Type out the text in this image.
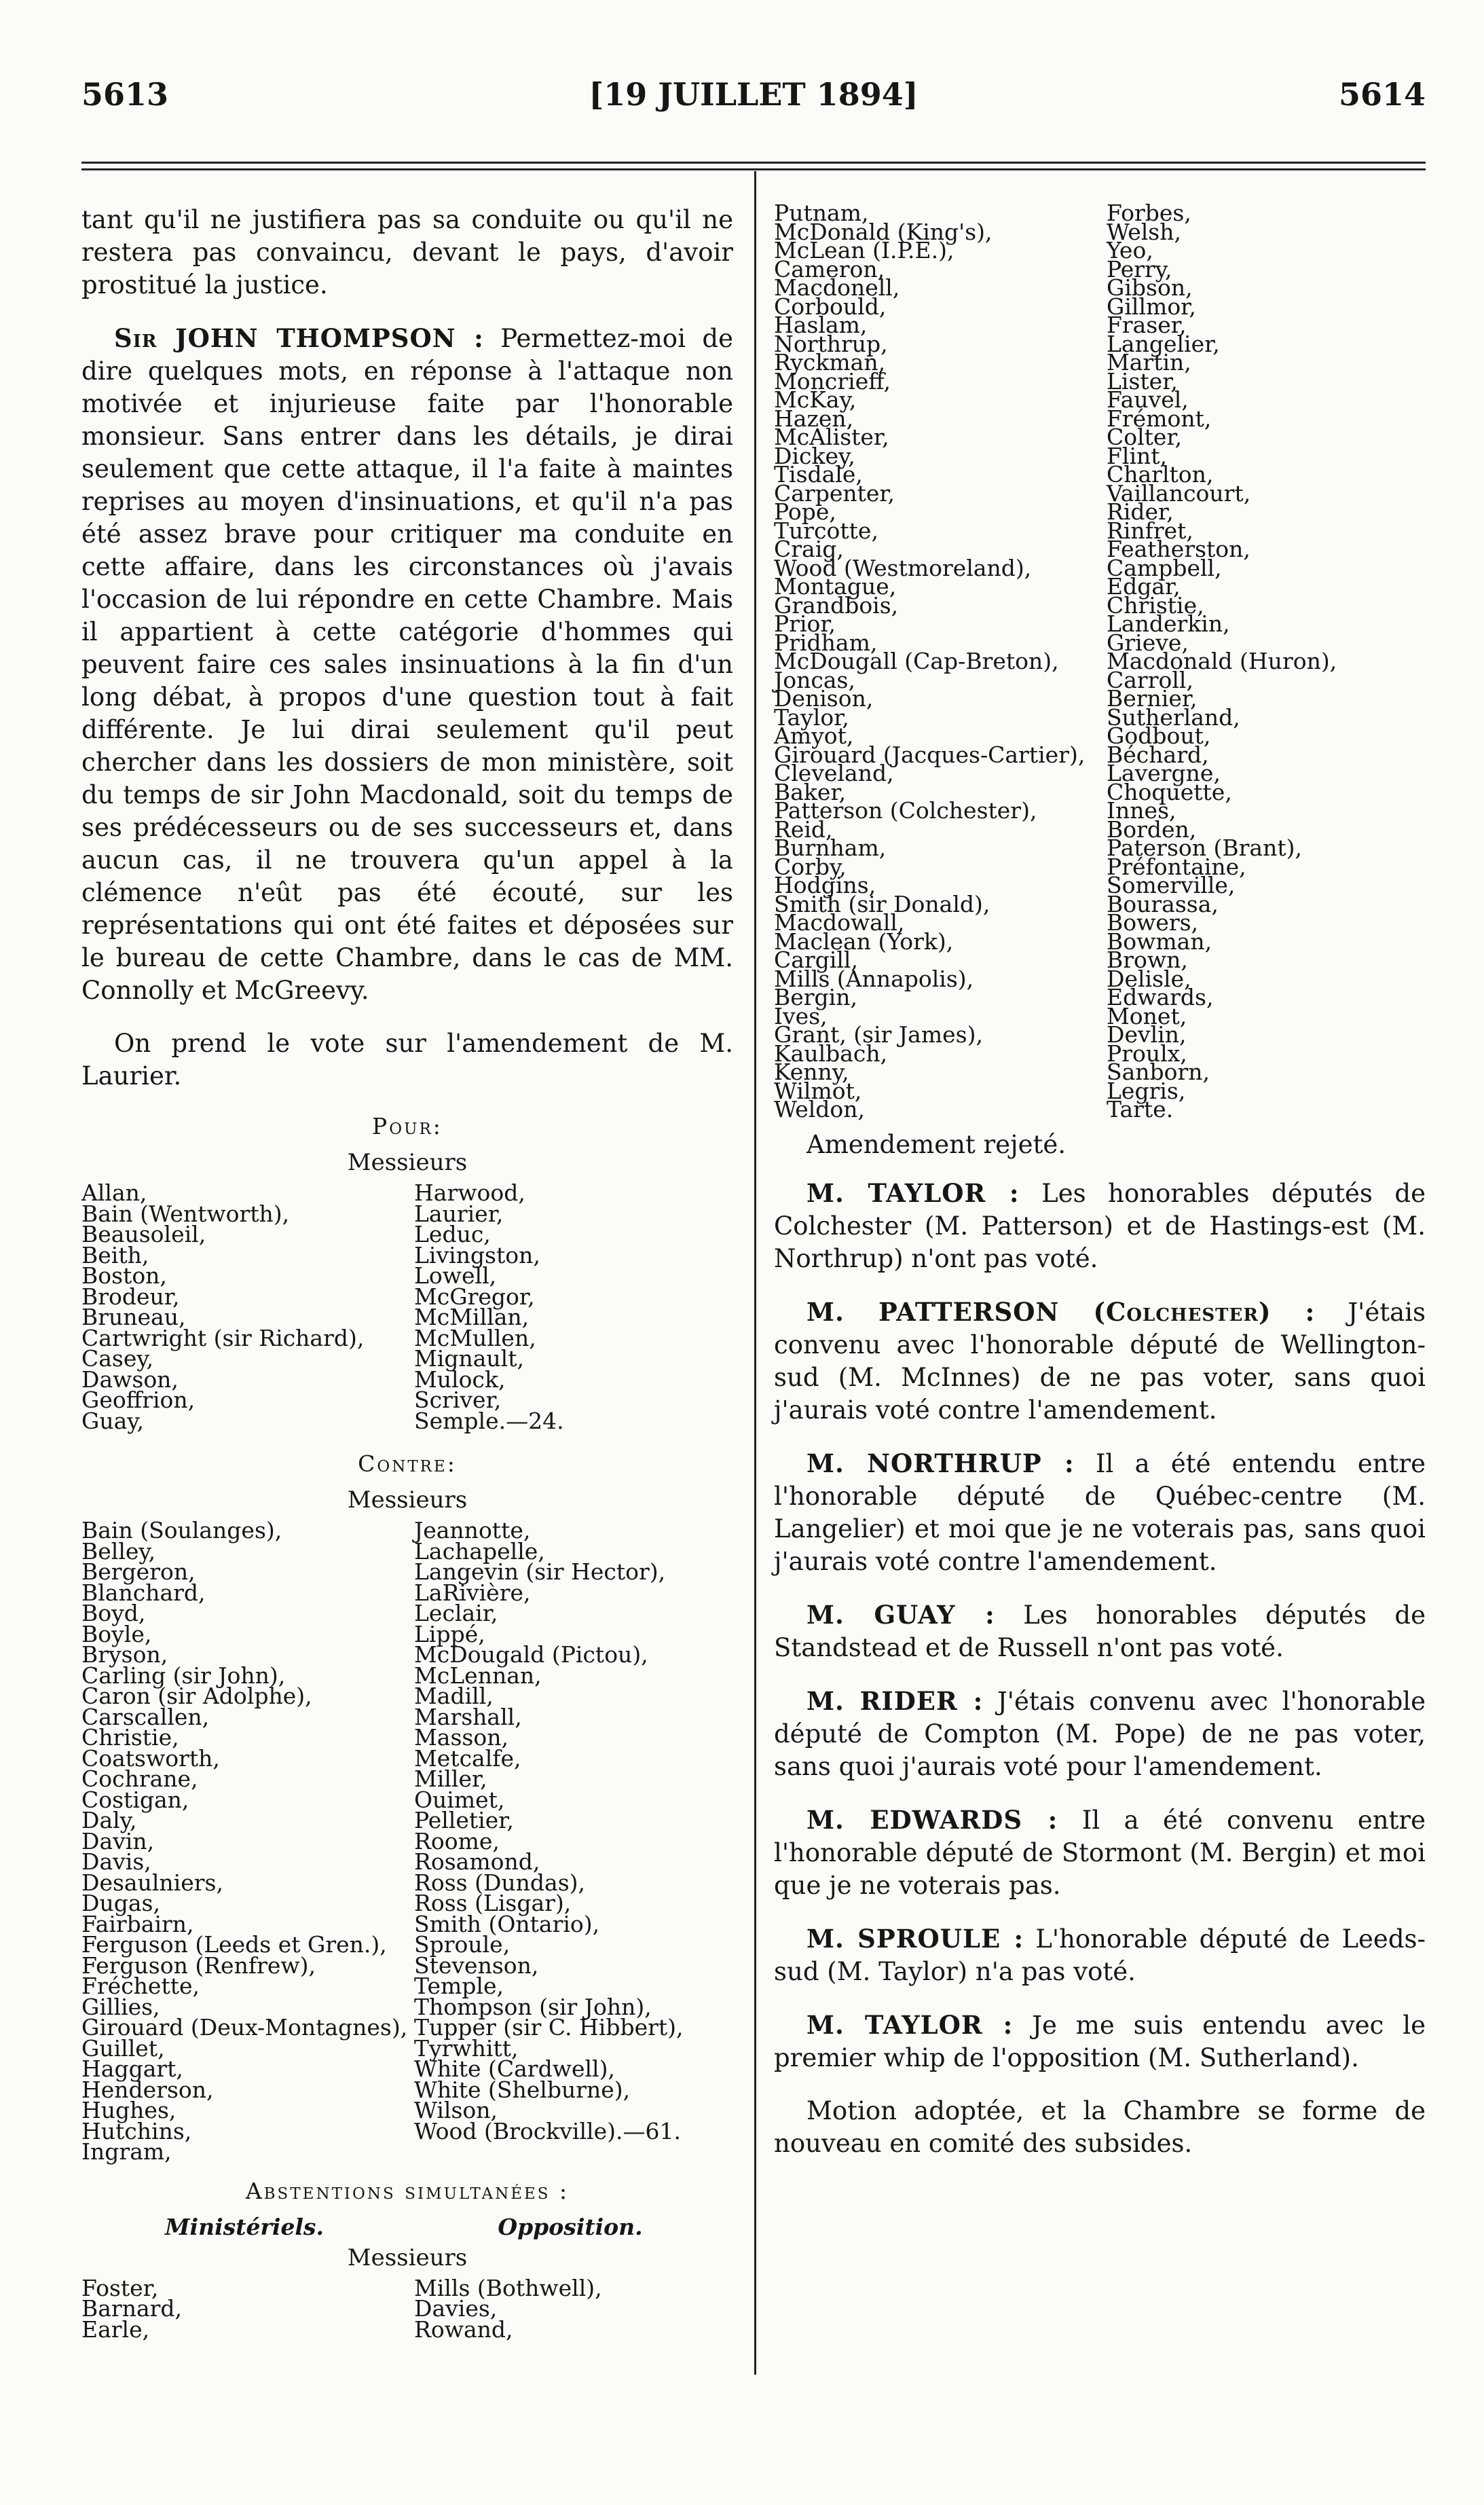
5613	[19 JUILLET 1894]	5614

tant qu'il ne justifiera pas sa conduite ou qu'il ne restera pas convaincu, devant le pays, d'avoir prostitué la justice.

Sir JOHN THOMPSON : Permettez-moi de dire quelques mots, en réponse à l'attaque non motivée et injurieuse faite par l'honorable monsieur. Sans entrer dans les détails, je dirai seulement que cette attaque, il l'a faite à maintes reprises au moyen d'insinuations, et qu'il n'a pas été assez brave pour critiquer ma conduite en cette affaire, dans les circonstances où j'avais l'occasion de lui répondre en cette Chambre. Mais il appartient à cette catégorie d'hommes qui peuvent faire ces sales insinuations à la fin d'un long débat, à propos d'une question tout à fait différente. Je lui dirai seulement qu'il peut chercher dans les dossiers de mon ministère, soit du temps de sir John Macdonald, soit du temps de ses prédécesseurs ou de ses successeurs et, dans aucun cas, il ne trouvera qu'un appel à la clémence n'eût pas été écouté, sur les représentations qui ont été faites et déposées sur le bureau de cette Chambre, dans le cas de MM. Connolly et McGreevy.

On prend le vote sur l'amendement de M. Laurier.

Pour:
Messieurs
Allan,	Harwood,
Bain (Wentworth),	Laurier,
Beausoleil,	Leduc,
Beith,	Livingston,
Boston,	Lowell,
Brodeur,	McGregor,
Bruneau,	McMillan,
Cartwright (sir Richard),	McMullen,
Casey,	Mignault,
Dawson,	Mulock,
Geoffrion,	Scriver,
Guay,	Semple.—24.
Contre:
Messieurs
Bain (Soulanges),	Jeannotte,
Belley,	Lachapelle,
Bergeron,	Langevin (sir Hector),
Blanchard,	LaRivière,
Boyd,	Leclair,
Boyle,	Lippé,
Bryson,	McDougald (Pictou),
Carling (sir John),	McLennan,
Caron (sir Adolphe),	Madill,
Carscallen,	Marshall,
Christie,	Masson,
Coatsworth,	Metcalfe,
Cochrane,	Miller,
Costigan,	Ouimet,
Daly,	Pelletier,
Davin,	Roome,
Davis,	Rosamond,
Desaulniers,	Ross (Dundas),
Dugas,	Ross (Lisgar),
Fairbairn,	Smith (Ontario),
Ferguson (Leeds et Gren.),	Sproule,
Ferguson (Renfrew),	Stevenson,
Fréchette,	Temple,
Gillies,	Thompson (sir John),
Girouard (Deux-Montagnes), Tupper (sir C. Hibbert),
Guillet,	Tyrwhitt,
Haggart,	White (Cardwell),
Henderson,	White (Shelburne),
Hughes,	Wilson,
Hutchins,	Wood (Brockville).—61.
Ingram,
Abstentions simultanées :
Ministériels.	Opposition.
Messieurs
Foster,	Mills (Bothwell),
Barnard,	Davies,
Earle,	Rowand,
Putnam,	Forbes,
McDonald (King's),	Welsh,
McLean (I.P.E.),	Yeo,
Cameron,	Perry,
Macdonell,	Gibson,
Corbould,	Gillmor,
Haslam,	Fraser,
Northrup,	Langelier,
Ryckman,	Martin,
Moncrieff,	Lister,
McKay,	Fauvel,
Hazen,	Frémont,
McAlister,	Colter,
Dickey,	Flint,
Tisdale,	Charlton,
Carpenter,	Vaillancourt,
Pope,	Rider,
Turcotte,	Rinfret,
Craig,	Featherston,
Wood (Westmoreland),	Campbell,
Montague,	Edgar,
Grandbois,	Christie,
Prior,	Landerkin,
Pridham,	Grieve,
McDougall (Cap-Breton),	Macdonald (Huron),
Joncas,	Carroll,
Denison,	Bernier,
Taylor,	Sutherland,
Amyot,	Godbout,
Girouard (Jacques-Cartier), Béchard,
Cleveland,	Lavergne,
Baker,	Choquette,
Patterson (Colchester),	Innes,
Reid,	Borden,
Burnham,	Paterson (Brant),
Corby,	Préfontaine,
Hodgins,	Somerville,
Smith (sir Donald),	Bourassa,
Macdowall,	Bowers,
Maclean (York),	Bowman,
Cargill,	Brown,
Mills (Annapolis),	Delisle,
Bergin,	Edwards,
Ives,	Monet,
Grant, (sir James),	Devlin,
Kaulbach,	Proulx,
Kenny,	Sanborn,
Wilmot,	Legris,
Weldon,	Tarte.
Amendement rejeté.

M. TAYLOR : Les honorables députés de Colchester (M. Patterson) et de Hastings-est (M. Northrup) n'ont pas voté.

M. PATTERSON (Colchester) : J'étais convenu avec l'honorable député de Wellington-sud (M. McInnes) de ne pas voter, sans quoi j'aurais voté contre l'amendement.

M. NORTHRUP : Il a été entendu entre l'honorable député de Québec-centre (M. Langelier) et moi que je ne voterais pas, sans quoi j'aurais voté contre l'amendement.

M. GUAY : Les honorables députés de Standstead et de Russell n'ont pas voté.

M. RIDER : J'étais convenu avec l'honorable député de Compton (M. Pope) de ne pas voter, sans quoi j'aurais voté pour l'amendement.

M. EDWARDS : Il a été convenu entre l'honorable député de Stormont (M. Bergin) et moi que je ne voterais pas.

M. SPROULE : L'honorable député de Leeds-sud (M. Taylor) n'a pas voté.

M. TAYLOR : Je me suis entendu avec le premier whip de l'opposition (M. Sutherland).

Motion adoptée, et la Chambre se forme de nouveau en comité des subsides.
